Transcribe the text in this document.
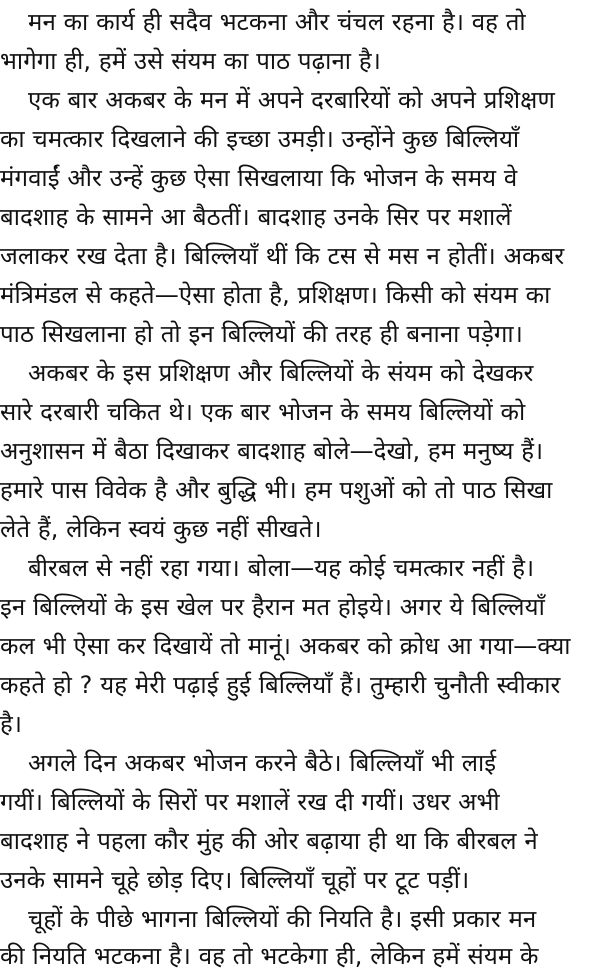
मन का कार्य ही सदैव भटकना और चंचल रहना है। वह तो
भागेगा ही, हमें उसे संयम का पाठ पढ़ाना है।
एक बार अकबर के मन में अपने दरबारियों को अपने प्रशिक्षण
का चमत्कार दिखलाने की इच्छा उमड़ी। उन्होंने कुछ बिल्लियाँ
मंगवाईं और उन्हें कुछ ऐसा सिखलाया कि भोजन के समय वे
बादशाह के सामने आ बैठतीं। बादशाह उनके सिर पर मशालें
जलाकर रख देता है। बिल्लियाँ थीं कि टस से मस न होतीं। अकबर
मंत्रिमंडल से कहते—ऐसा होता है, प्रशिक्षण। किसी को संयम का
पाठ सिखलाना हो तो इन बिल्लियों की तरह ही बनाना पड़ेगा।
अकबर के इस प्रशिक्षण और बिल्लियों के संयम को देखकर
सारे दरबारी चकित थे। एक बार भोजन के समय बिल्लियों को
अनुशासन में बैठा दिखाकर बादशाह बोले—देखो, हम मनुष्य हैं।
हमारे पास विवेक है और बुद्धि भी। हम पशुओं को तो पाठ सिखा
लेते हैं, लेकिन स्वयं कुछ नहीं सीखते।
बीरबल से नहीं रहा गया। बोला—यह कोई चमत्कार नहीं है।
इन बिल्लियों के इस खेल पर हैरान मत होइये। अगर ये बिल्लियाँ
कल भी ऐसा कर दिखायें तो मानूं। अकबर को क्रोध आ गया—क्या
कहते हो ? यह मेरी पढ़ाई हुई बिल्लियाँ हैं। तुम्हारी चुनौती स्वीकार
है।
अगले दिन अकबर भोजन करने बैठे। बिल्लियाँ भी लाई
गयीं। बिल्लियों के सिरों पर मशालें रख दी गयीं। उधर अभी
बादशाह ने पहला कौर मुंह की ओर बढ़ाया ही था कि बीरबल ने
उनके सामने चूहे छोड़ दिए। बिल्लियाँ चूहों पर टूट पड़ीं।
चूहों के पीछे भागना बिल्लियों की नियति है। इसी प्रकार मन
की नियति भटकना है। वह तो भटकेगा ही, लेकिन हमें संयम के
